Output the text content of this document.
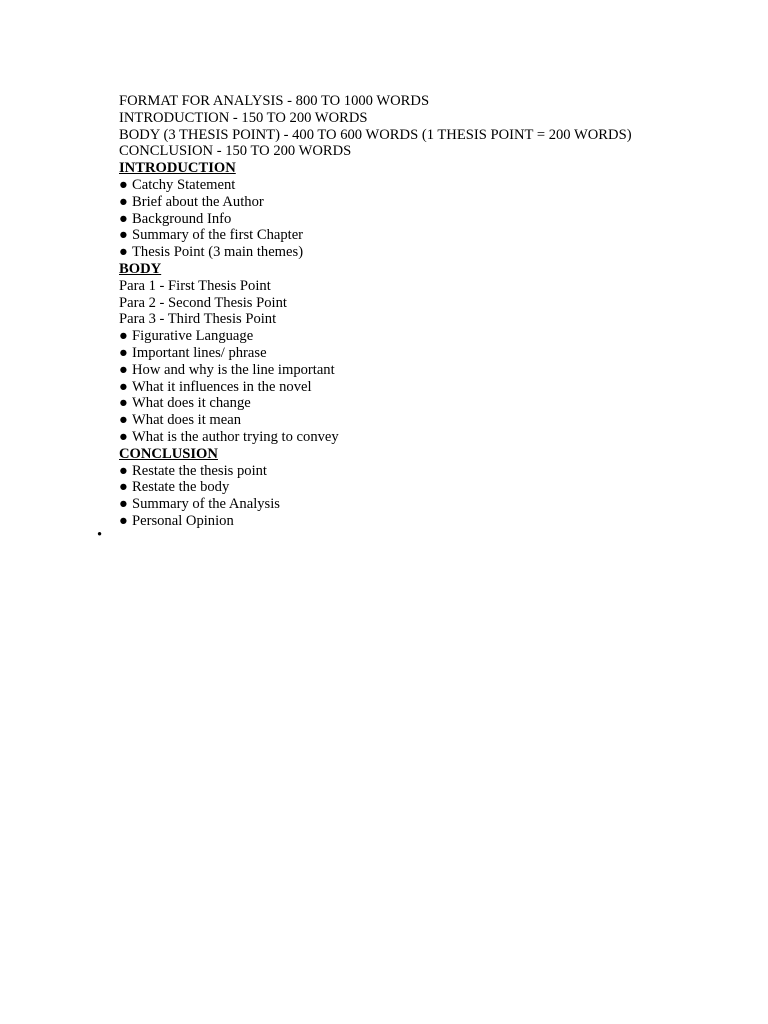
FORMAT FOR ANALYSIS - 800 TO 1000 WORDS
INTRODUCTION - 150 TO 200 WORDS
BODY (3 THESIS POINT) - 400 TO 600 WORDS (1 THESIS POINT = 200 WORDS)
CONCLUSION - 150 TO 200 WORDS
INTRODUCTION
● Catchy Statement
● Brief about the Author
● Background Info
● Summary of the first Chapter
● Thesis Point (3 main themes)
BODY
Para 1 - First Thesis Point
Para 2 - Second Thesis Point
Para 3 - Third Thesis Point
● Figurative Language
● Important lines/ phrase
● How and why is the line important
● What it influences in the novel
● What does it change
● What does it mean
● What is the author trying to convey
CONCLUSION
● Restate the thesis point
● Restate the body
● Summary of the Analysis
● Personal Opinion
•
